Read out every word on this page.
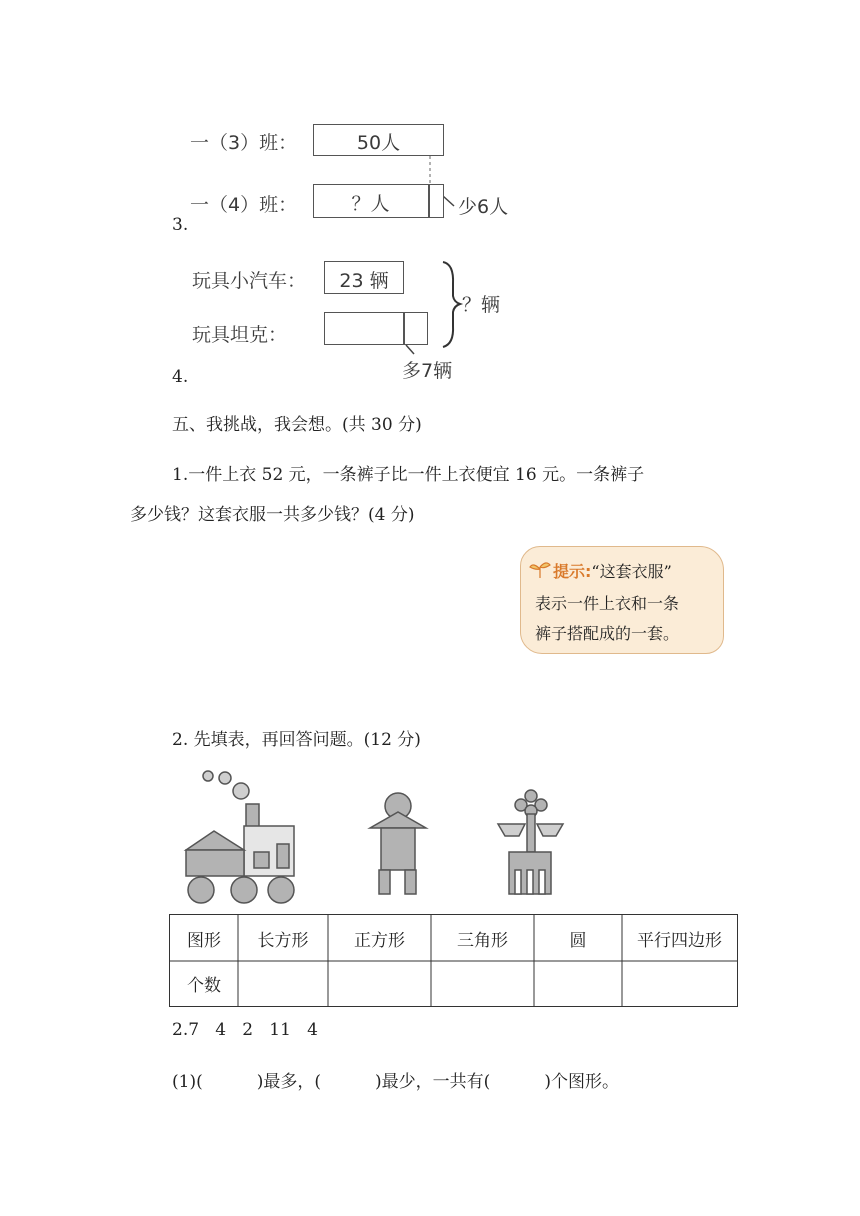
一（3）班：	50人
一（4）班：	？人	少6人
3.
玩具小汽车：	23 辆
玩具坦克：
？辆
多7辆
4.
五、我挑战，我会想。(共 30 分)
1.一件上衣 52 元，一条裤子比一件上衣便宜 16 元。一条裤子
多少钱？这套衣服一共多少钱？(4 分)
提示:“这套衣服”
表示一件上衣和一条
裤子搭配成的一套。
2. 先填表，再回答问题。(12 分)
图形	长方形	正方形	三角形	圆	平行四边形
个数
2.7   4   2   11   4
(1)(          )最多，(          )最少，一共有(          )个图形。
